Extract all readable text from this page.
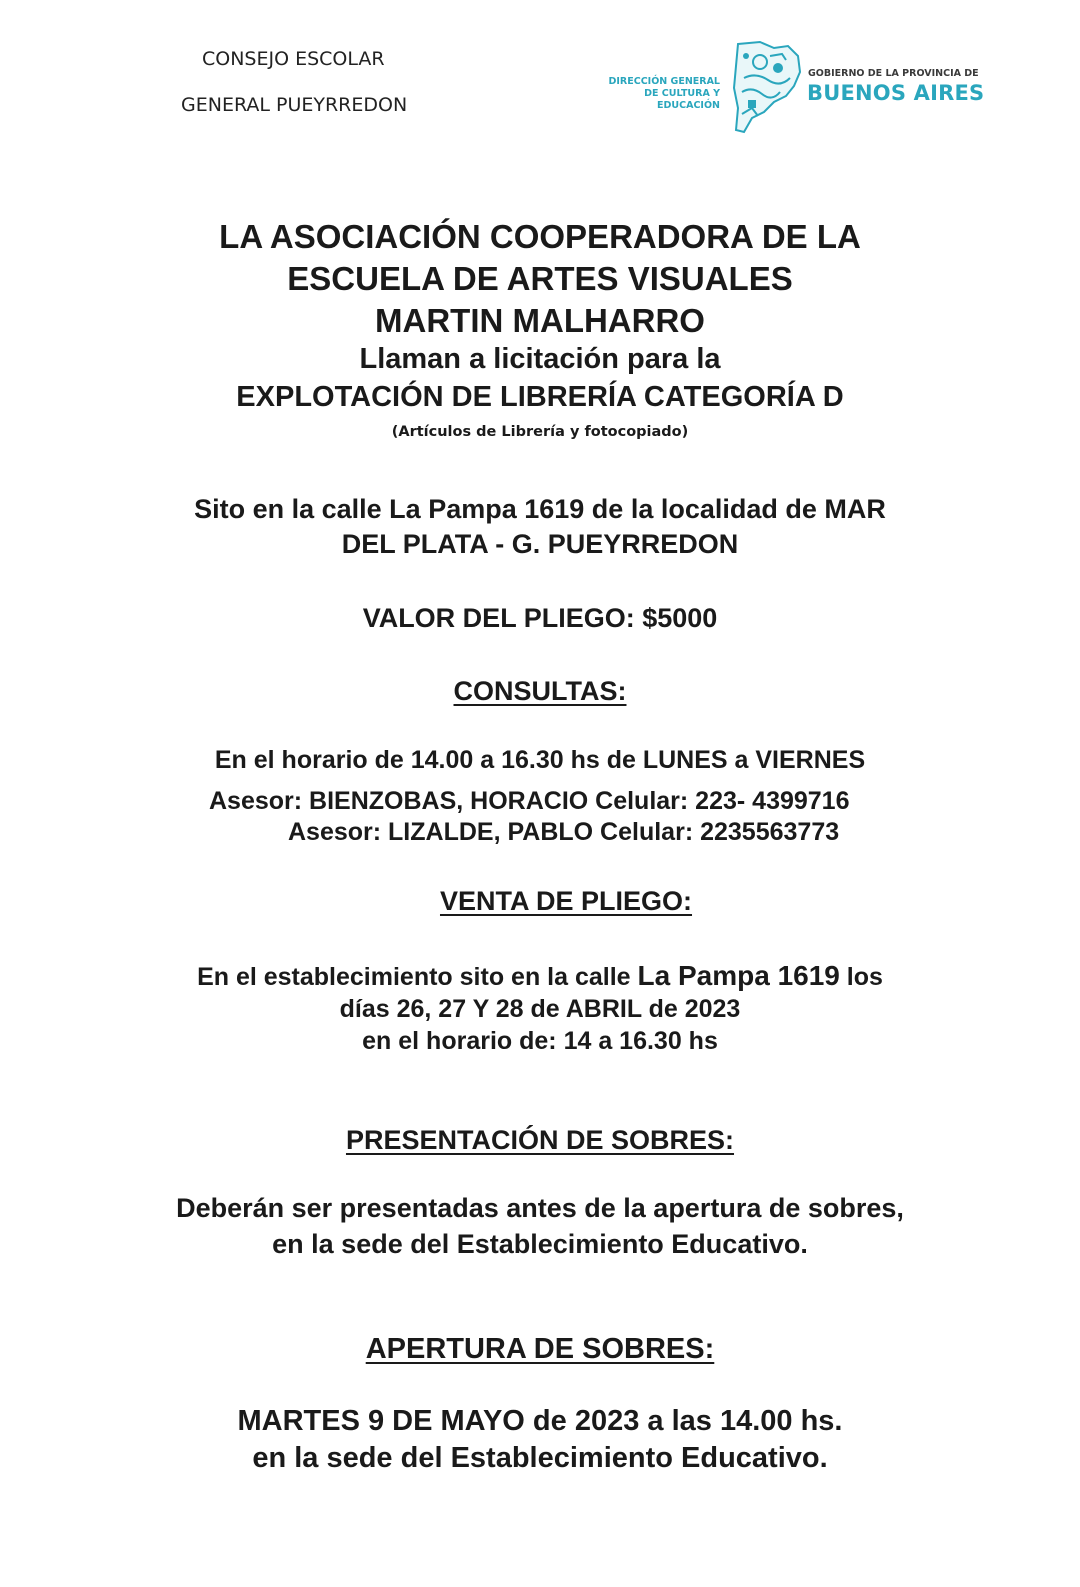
CONSEJO ESCOLAR
GENERAL PUEYRREDON
DIRECCIÓN GENERAL
DE CULTURA Y EDUCACIÓN
GOBIERNO DE LA PROVINCIA DE
BUENOS AIRES
LA ASOCIACIÓN COOPERADORA DE LA
ESCUELA DE ARTES VISUALES
MARTIN MALHARRO
Llaman a licitación para la
EXPLOTACIÓN DE LIBRERÍA CATEGORÍA D
(Artículos de Librería y fotocopiado)
Sito en la calle La Pampa 1619 de la localidad de MAR
DEL PLATA - G. PUEYRREDON
VALOR DEL PLIEGO: $5000
CONSULTAS:
En el horario de 14.00 a 16.30 hs de LUNES a VIERNES
Asesor: BIENZOBAS, HORACIO Celular: 223- 4399716
Asesor: LIZALDE, PABLO Celular: 2235563773
VENTA DE PLIEGO:
En el establecimiento sito en la calle La Pampa 1619 los
días 26, 27 Y 28 de ABRIL de 2023
en el horario de: 14 a 16.30 hs
PRESENTACIÓN DE SOBRES:
Deberán ser presentadas antes de la apertura de sobres,
en la sede del Establecimiento Educativo.
APERTURA DE SOBRES:
MARTES 9 DE MAYO de 2023 a las 14.00 hs.
en la sede del Establecimiento Educativo.
